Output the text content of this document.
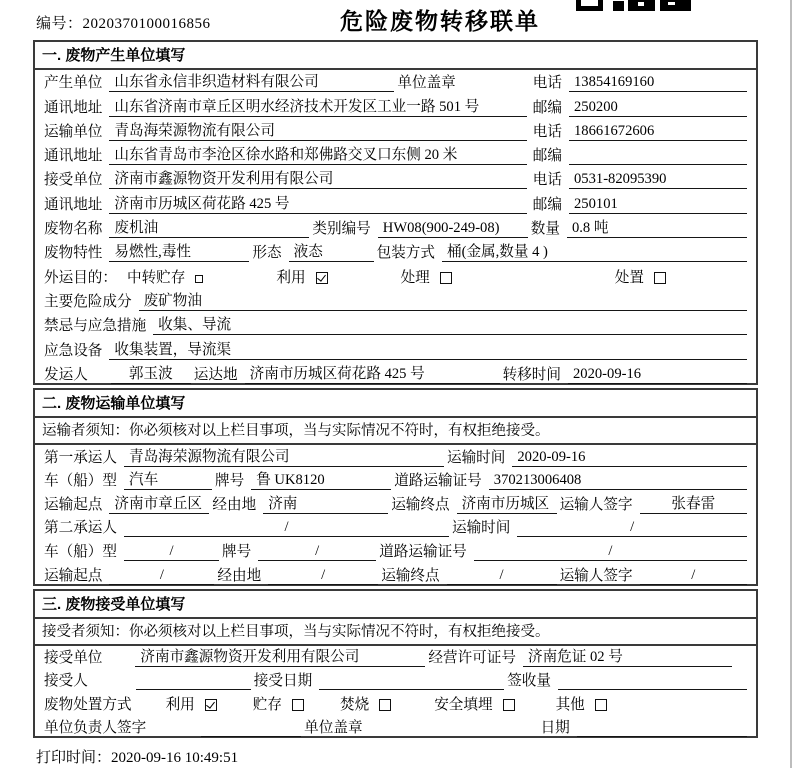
编号：2020370100016856	危险废物转移联单
一. 废物产生单位填写
产生单位 山东省永信非织造材料有限公司	单位盖章	电话 13854169160
通讯地址 山东省济南市章丘区明水经济技术开发区工业一路 501 号	邮编 250200
运输单位 青岛海荣源物流有限公司	电话 18661672606
通讯地址 山东省青岛市李沧区徐水路和郑佛路交叉口东侧 20 米	邮编
接受单位 济南市鑫源物资开发利用有限公司	电话 0531-82095390
通讯地址 济南市历城区荷花路 425 号	邮编 250101
废物名称 废机油	类别编号 HW08(900-249-08)	数量 0.8 吨
废物特性 易燃性,毒性	形态 液态	包装方式 桶(金属,数量 4 )
外运目的： 中转贮存	利用	处理	处置
主要危险成分 废矿物油
禁忌与应急措施 收集、导流
应急设备 收集装置，导流渠
发运人	郭玉波	运达地 济南市历城区荷花路 425 号	转移时间 2020-09-16
二. 废物运输单位填写
运输者须知：你必须核对以上栏目事项，当与实际情况不符时，有权拒绝接受。
第一承运人 青岛海荣源物流有限公司	运输时间 2020-09-16
车（船）型 汽车	牌号 鲁 UK8120	道路运输证号 370213006408
运输起点 济南市章丘区 经由地 济南	运输终点 济南市历城区 运输人签字	张春雷
第二承运人	/	运输时间	/
车（船）型	/	牌号	/	道路运输证号	/
运输起点	/	经由地	/	运输终点	/	运输人签字	/
三. 废物接受单位填写
接受者须知：你必须核对以上栏目事项，当与实际情况不符时，有权拒绝接受。
接受单位	济南市鑫源物资开发利用有限公司	经营许可证号 济南危证 02 号
接受人	接受日期	签收量
废物处置方式 利用	贮存	焚烧	安全填埋	其他
单位负责人签字	单位盖章	日期
打印时间：2020-09-16 10:49:51
